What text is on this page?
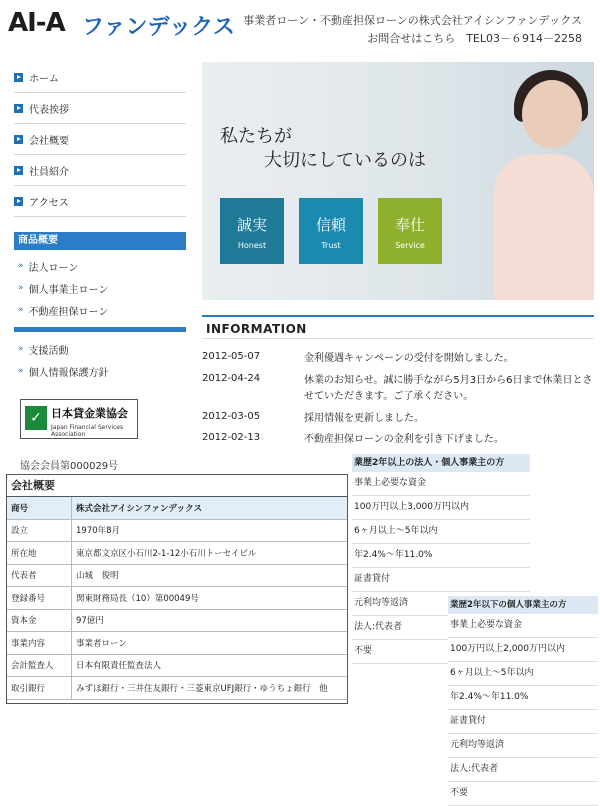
AI-A ファンデックス 事業者ローン・不動産担保ローンの株式会社アイシンファンデックス
お問合せはこちら　TEL03－６914－2258
ホーム
代表挨拶
会社概要
社員紹介
アクセス
商品概要
» 法人ローン
» 個人事業主ローン
» 不動産担保ローン
» 支援活動
» 個人情報保護方針
✓ 日本貸金業協会
Japan Financial Services Association
協会会員第000029号
私たちが
大切にしているのは
誠実
Honest
信頼
Trust
奉仕
Service
INFORMATION
2012-05-07	金利優遇キャンペーンの受付を開始しました。
2012-04-24	休業のお知らせ。誠に勝手ながら5月3日から6日まで休業日とさせていただきます。ご了承ください。
2012-03-05	採用情報を更新しました。
2012-02-13	不動産担保ローンの金利を引き下げました。
会社概要
商号	株式会社アイシンファンデックス
設立	1970年8月
所在地	東京都文京区小石川2-1-12小石川トーセイビル
代表者	山城　俊明
登録番号	関東財務局長（10）第00049号
資本金	97億円
事業内容	事業者ローン
会計監査人	日本有限責任監査法人
取引銀行	みずほ銀行・三井住友銀行・三菱東京UFJ銀行・ゆうちょ銀行　他
業歴2年以上の法人・個人事業主の方
事業上必要な資金
100万円以上3,000万円以内
6ヶ月以上～5年以内
年2.4%～年11.0%
証書貸付
元利均等返済
法人:代表者
不要
業歴2年以下の個人事業主の方
事業上必要な資金
100万円以上2,000万円以内
6ヶ月以上～5年以内
年2.4%～年11.0%
証書貸付
元利均等返済
法人:代表者
不要
